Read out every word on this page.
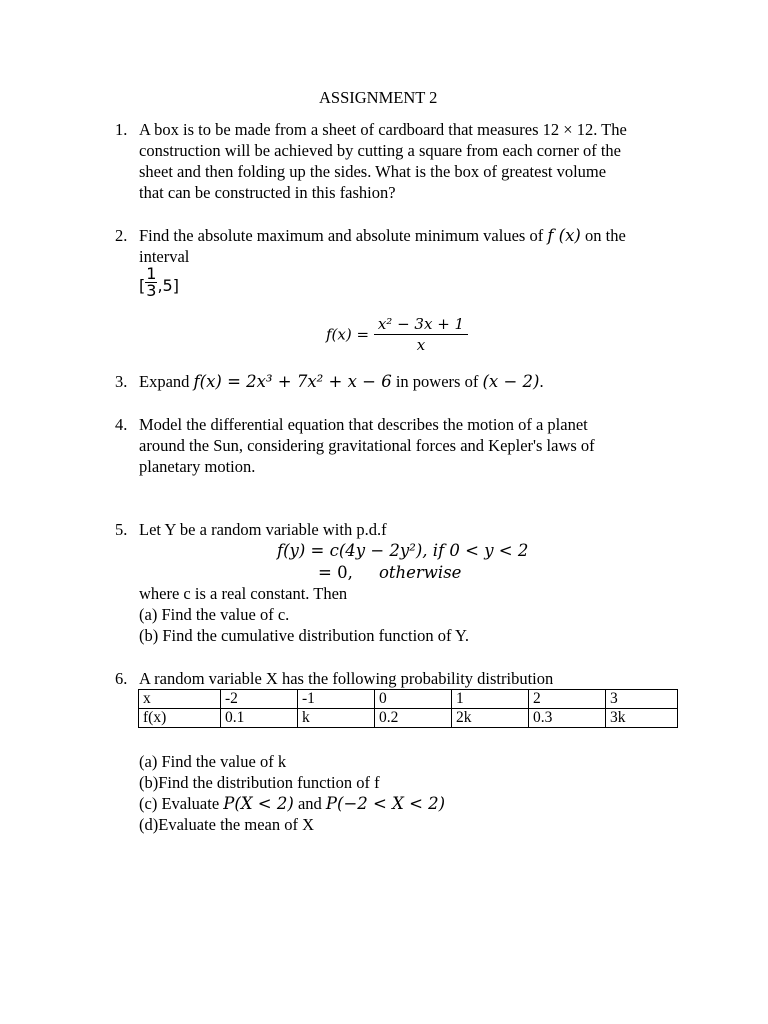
ASSIGNMENT 2
1. A box is to be made from a sheet of cardboard that measures 12 × 12. The
construction will be achieved by cutting a square from each corner of the
sheet and then folding up the sides. What is the box of greatest volume
that can be constructed in this fashion?
2. Find the absolute maximum and absolute minimum values of f (x) on the
interval
[ $\frac{1}{3} ,5$]
$f(x) = \frac{\text{x² − 3x + 1}}{x}$
3. Expand f(x) = 2x³ + 7x² + x − 6 in powers of (x − 2).
4. Model the differential equation that describes the motion of a planet
around the Sun, considering gravitational forces and Kepler's laws of
planetary motion.
5. Let Y be a random variable with p.d.f
f(y) = c(4y − 2y²), if 0 < y < 2
= 0, otherwise
where c is a real constant. Then
(a) Find the value of c.
(b) Find the cumulative distribution function of Y.
6. A random variable X has the following probability distribution
x	-2	-1	0	1	2	3
f(x)	0.1	k	0.2	2k	0.3	3k
(a) Find the value of k
(b)Find the distribution function of f
(c) Evaluate P(X < 2) and P(−2 < X < 2)
(d)Evaluate the mean of X
